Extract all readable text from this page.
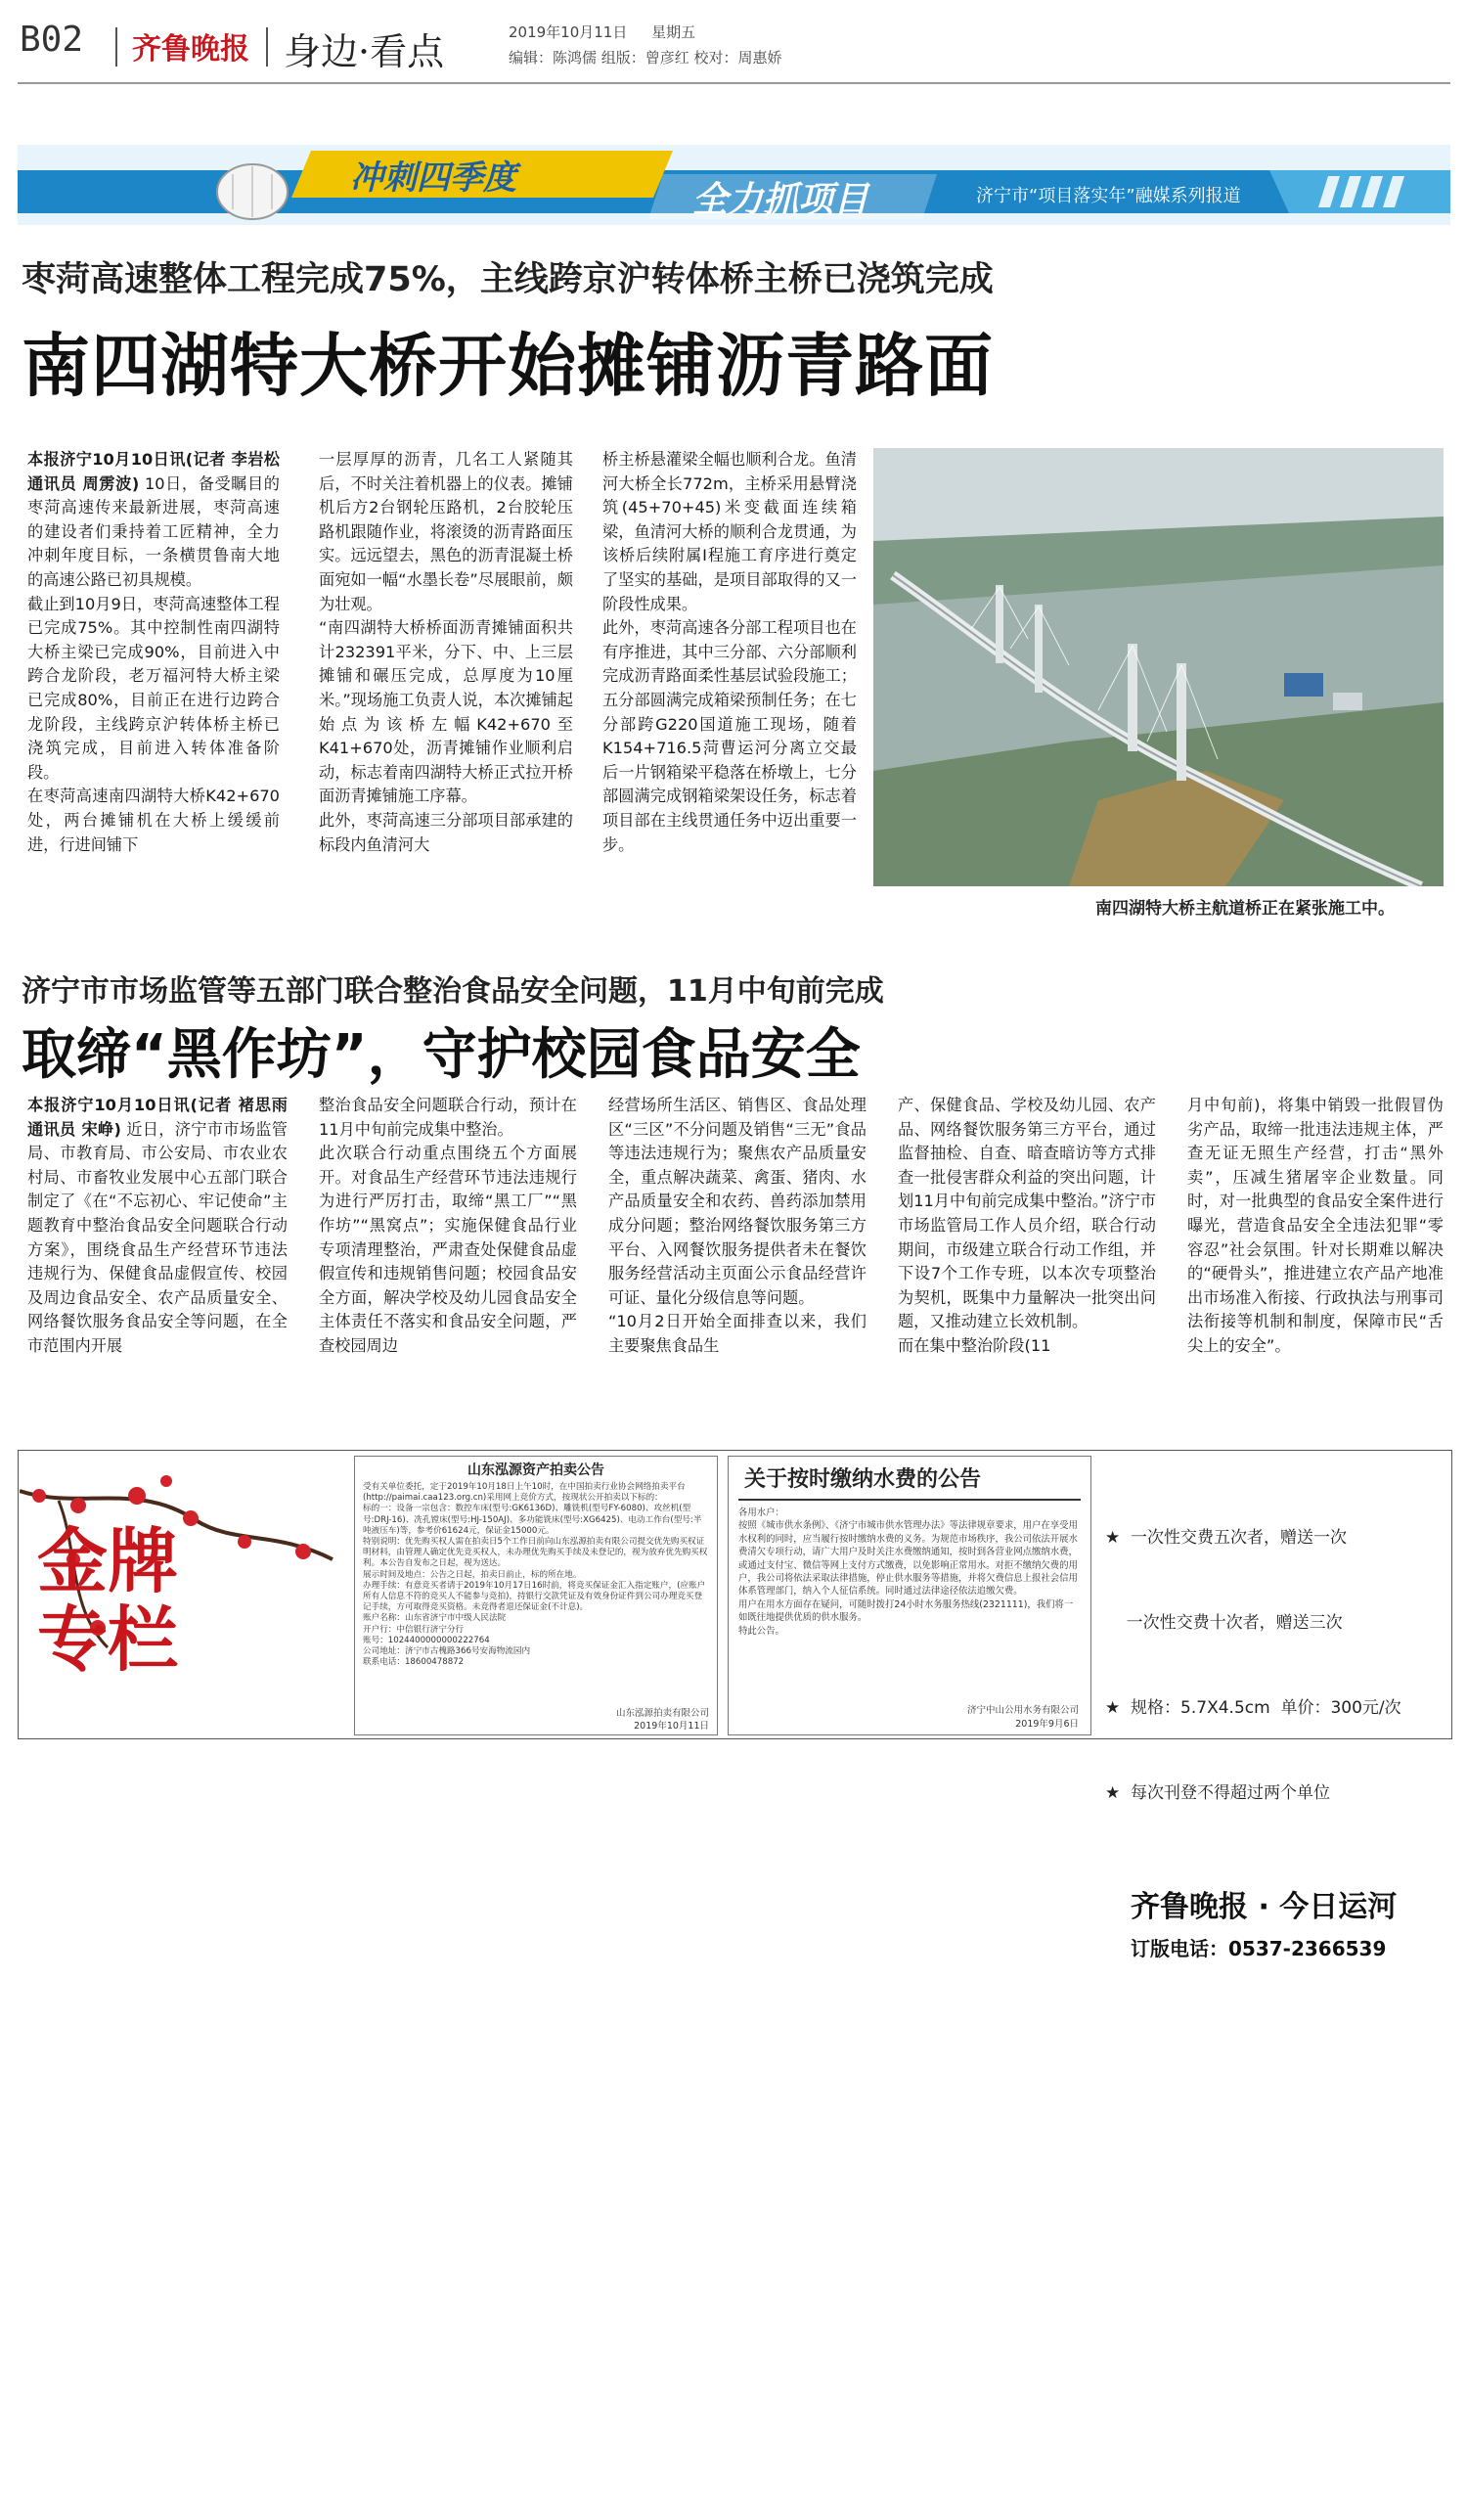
B02 齐鲁晚报 身边·看点	2019年10月11日 星期五
编辑：陈鸿儒 组版：曾彦红 校对：周惠娇
冲刺四季度
全力抓项目	济宁市“项目落实年”融媒系列报道
枣菏高速整体工程完成75%，主线跨京沪转体桥主桥已浇筑完成
南四湖特大桥开始摊铺沥青路面
本报济宁10月10日讯(记者 李岩松 通讯员 周雳波) 10日，备受瞩目的枣菏高速传来最新进展，枣菏高速的建设者们秉持着工匠精神，全力冲刺年度目标，一条横贯鲁南大地的高速公路已初具规模。
截止到10月9日，枣菏高速整体工程已完成75%。其中控制性南四湖特大桥主梁已完成90%，目前进入中跨合龙阶段，老万福河特大桥主梁已完成80%，目前正在进行边跨合龙阶段，主线跨京沪转体桥主桥已浇筑完成，目前进入转体准备阶段。
在枣菏高速南四湖特大桥K42+670处，两台摊铺机在大桥上缓缓前进，行进间铺下
一层厚厚的沥青，几名工人紧随其后，不时关注着机器上的仪表。摊铺机后方2台钢轮压路机，2台胶轮压路机跟随作业，将滚烫的沥青路面压实。远远望去，黑色的沥青混凝土桥面宛如一幅“水墨长卷”尽展眼前，颇为壮观。
“南四湖特大桥桥面沥青摊铺面积共计232391平米，分下、中、上三层摊铺和碾压完成，总厚度为10厘米。”现场施工负责人说，本次摊铺起始点为该桥左幅K42+670至K41+670处，沥青摊铺作业顺利启动，标志着南四湖特大桥正式拉开桥面沥青摊铺施工序幕。
此外，枣菏高速三分部项目部承建的标段内鱼清河大
桥主桥悬灌梁全幅也顺利合龙。鱼清河大桥全长772m，主桥采用悬臂浇筑(45+70+45)米变截面连续箱梁，鱼清河大桥的顺利合龙贯通，为该桥后续附属I程施工育序进行奠定了坚实的基础，是项目部取得的又一阶段性成果。
此外，枣菏高速各分部工程项目也在有序推进，其中三分部、六分部顺利完成沥青路面柔性基层试验段施工；五分部圆满完成箱梁预制任务；在七分部跨G220国道施工现场，随着K154+716.5菏曹运河分离立交最后一片钢箱梁平稳落在桥墩上，七分部圆满完成钢箱梁架设任务，标志着项目部在主线贯通任务中迈出重要一步。
南四湖特大桥主航道桥正在紧张施工中。
济宁市市场监管等五部门联合整治食品安全问题，11月中旬前完成
取缔“黑作坊”，守护校园食品安全
本报济宁10月10日讯(记者 褚思雨 通讯员 宋峥) 近日，济宁市市场监管局、市教育局、市公安局、市农业农村局、市畜牧业发展中心五部门联合制定了《在“不忘初心、牢记使命”主题教育中整治食品安全问题联合行动方案》，围绕食品生产经营环节违法违规行为、保健食品虚假宣传、校园及周边食品安全、农产品质量安全、网络餐饮服务食品安全等问题，在全市范围内开展
整治食品安全问题联合行动，预计在11月中旬前完成集中整治。
此次联合行动重点围绕五个方面展开。对食品生产经营环节违法违规行为进行严厉打击，取缔“黑工厂”“黑作坊”“黑窝点”；实施保健食品行业专项清理整治，严肃查处保健食品虚假宣传和违规销售问题；校园食品安全方面，解决学校及幼儿园食品安全主体责任不落实和食品安全问题，严查校园周边
经营场所生活区、销售区、食品处理区“三区”不分问题及销售“三无”食品等违法违规行为；聚焦农产品质量安全，重点解决蔬菜、禽蛋、猪肉、水产品质量安全和农药、兽药添加禁用成分问题；整治网络餐饮服务第三方平台、入网餐饮服务提供者未在餐饮服务经营活动主页面公示食品经营许可证、量化分级信息等问题。
“10月2日开始全面排查以来，我们主要聚焦食品生
产、保健食品、学校及幼儿园、农产品、网络餐饮服务第三方平台，通过监督抽检、自查、暗查暗访等方式排查一批侵害群众利益的突出问题，计划11月中旬前完成集中整治。”济宁市市场监管局工作人员介绍，联合行动期间，市级建立联合行动工作组，并下设7个工作专班，以本次专项整治为契机，既集中力量解决一批突出问题，又推动建立长效机制。
而在集中整治阶段(11
月中旬前)，将集中销毁一批假冒伪劣产品，取缔一批违法违规主体，严查无证无照生产经营，打击“黑外卖”，压减生猪屠宰企业数量。同时，对一批典型的食品安全案件进行曝光，营造食品安全全违法犯罪“零容忍”社会氛围。针对长期难以解决的“硬骨头”，推进建立农产品产地准出市场准入衔接、行政执法与刑事司法衔接等机制和制度，保障市民“舌尖上的安全”。
金牌专栏
山东泓源资产拍卖公告
受有关单位委托，定于2019年10月18日上午10时，在中国拍卖行业协会网络拍卖平台(http://paimai.caa123.org.cn)采用网上竞价方式，按现状公开拍卖以下标的：
标的一：设备一宗包含：数控车床(型号:GK6136D)、雕铣机(型号FY-6080)、攻丝机(型号:DRJ-16)、冼孔镗床(型号:HJ-150AJ)、多功能铣床(型号:XG6425)、电动工作台(型号:半吨液压车)等，参考价61624元，保证金15000元。
特别说明：优先购买权人需在拍卖日5个工作日前向山东泓源拍卖有限公司提交优先购买权证明材料，由管理人确定优先竞买权人，未办理优先购买手续及未登记的，视为放弃优先购买权利。本公告自发布之日起，视为送达。
展示时间及地点：公告之日起，拍卖日前止，标的所在地。
办理手续：有意竞买者请于2019年10月17日16时前，将竞买保证金汇入指定账户，(应账户所有人信息不符的竞买人不能参与竞拍)，持银行交款凭证及有效身份证件到公司办理竞买登记手续，方可取得竞买资格。未竞得者退还保证金(不计息)。
账户名称：山东省济宁市中级人民法院
开户行：中信银行济宁分行
账号：1024400000000222764
公司地址：济宁市古槐路366号安海物流园内
联系电话：18600478872
山东泓源拍卖有限公司
2019年10月11日
关于按时缴纳水费的公告
各用水户：
按照《城市供水条例》、《济宁市城市供水管理办法》等法律规章要求，用户在享受用水权利的同时，应当履行按时缴纳水费的义务。为规范市场秩序，我公司依法开展水费清欠专项行动，请广大用户及时关注水费缴纳通知，按时到各营业网点缴纳水费，或通过支付宝、微信等网上支付方式缴费，以免影响正常用水。对拒不缴纳欠费的用户，我公司将依法采取法律措施，停止供水服务等措施，并将欠费信息上报社会信用体系管理部门，纳入个人征信系统。同时通过法律途径依法追缴欠费。
用户在用水方面存在疑问，可随时拨打24小时水务服务热线(2321111)，我们将一如既往地提供优质的供水服务。
特此公告。
济宁中山公用水务有限公司
2019年9月6日

★  一次性交费五次者，赠送一次

一次性交费十次者，赠送三次

★  规格：5.7X4.5cm  单价：300元/次

★  每次刊登不得超过两个单位

齐鲁晚报 · 今日运河
订版电话：0537-2366539
